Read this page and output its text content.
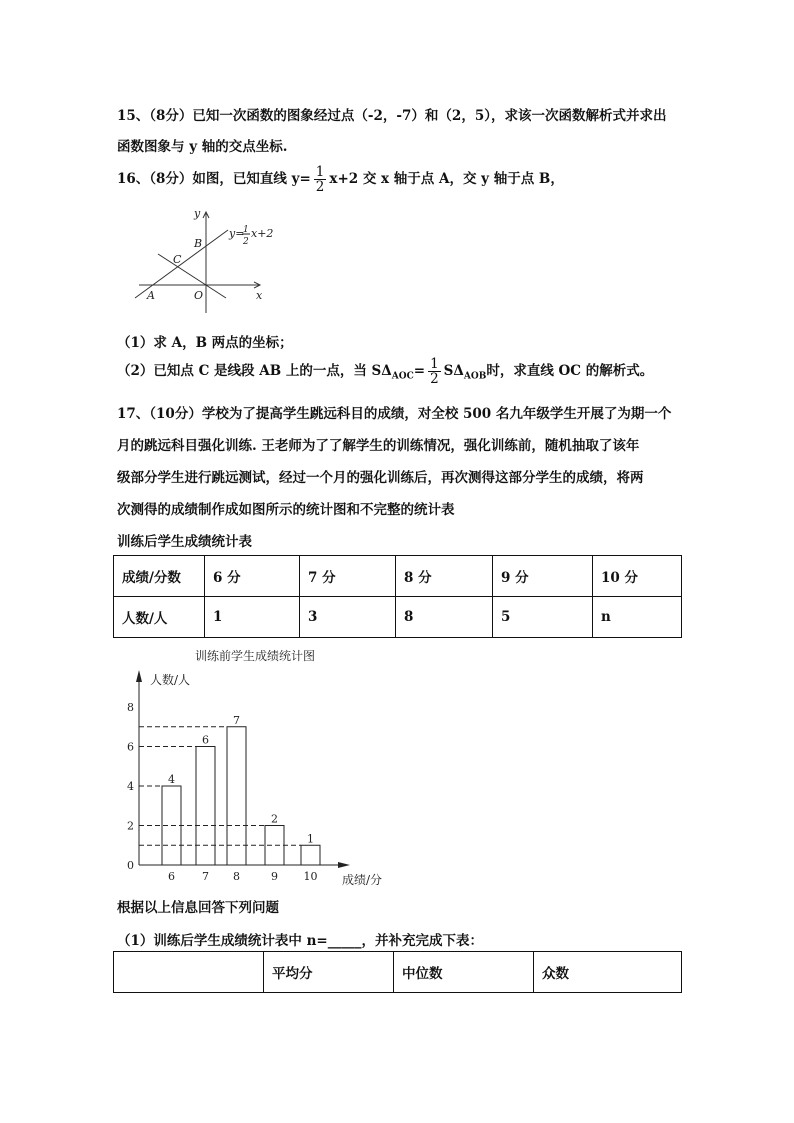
15、（8分）已知一次函数的图象经过点（-2，-7）和（2，5），求该一次函数解析式并求出
函数图象与 y 轴的交点坐标.
16、（8分）如图，已知直线 $y= \frac{1}{2} x+2$ 交 x 轴于点 A，交 y 轴于点 B，
y
x
y=
1
2
x+2
B
C
A	O
（1）求 A，B 两点的坐标；
（2）已知点 C 是线段 AB 上的一点，当 $S\Delta_{AOC}= \frac{1}{2} S\Delta_{AOB}$时，求直线 OC 的解析式。
17、（10分）学校为了提高学生跳远科目的成绩，对全校 500 名九年级学生开展了为期一个
月的跳远科目强化训练. 王老师为了了解学生的训练情况，强化训练前，随机抽取了该年
级部分学生进行跳远测试，经过一个月的强化训练后，再次测得这部分学生的成绩，将两
次测得的成绩制作成如图所示的统计图和不完整的统计表
训练后学生成绩统计表
成绩/分数	6 分	7 分	8 分	9 分	10 分
人数/人	1	3	8	5	n
训练前学生成绩统计图
人数/人
成绩/分
0
2
4
6
8
4
6
6
7
7
8
2
9
1
10
根据以上信息回答下列问题
（1）训练后学生成绩统计表中 n=_____，并补充完成下表：
	平均分	中位数	众数
